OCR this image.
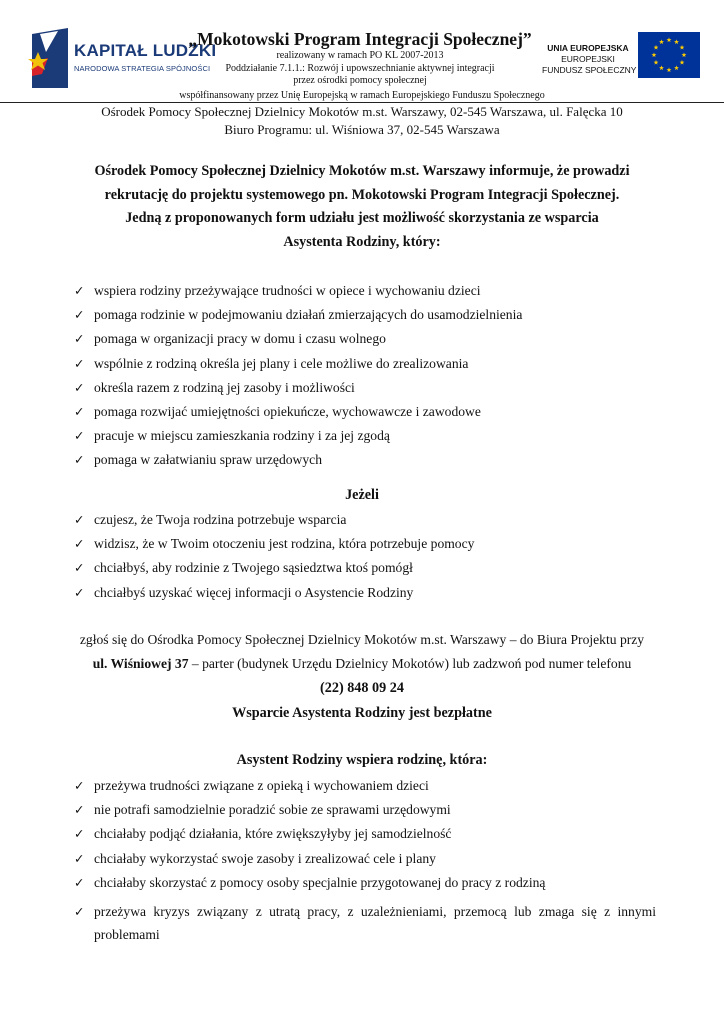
KAPITAŁ LUDZKI
NARODOWA STRATEGIA SPÓJNOŚCI
„Mokotowski Program Integracji Społecznej”
realizowany w ramach PO KL 2007-2013
Poddziałanie 7.1.1.: Rozwój i upowszechnianie aktywnej integracji
przez ośrodki pomocy społecznej
UNIA EUROPEJSKA
EUROPEJSKI
FUNDUSZ SPOŁECZNY
współfinansowany przez Unię Europejską w ramach Europejskiego Funduszu Społecznego
Ośrodek Pomocy Społecznej Dzielnicy Mokotów m.st. Warszawy, 02-545 Warszawa, ul. Falęcka 10
Biuro Programu: ul. Wiśniowa 37, 02-545 Warszawa
Ośrodek Pomocy Społecznej Dzielnicy Mokotów m.st. Warszawy informuje, że prowadzi
rekrutację do projektu systemowego pn. Mokotowski Program Integracji Społecznej.
Jedną z proponowanych form udziału jest możliwość skorzystania ze wsparcia
Asystenta Rodziny, który:
✓ wspiera rodziny przeżywające trudności w opiece i wychowaniu dzieci
✓ pomaga rodzinie w podejmowaniu działań zmierzających do usamodzielnienia
✓ pomaga w organizacji pracy w domu i czasu wolnego
✓ wspólnie z rodziną określa jej plany i cele możliwe do zrealizowania
✓ określa razem z rodziną jej zasoby i możliwości
✓ pomaga rozwijać umiejętności opiekuńcze, wychowawcze i zawodowe
✓ pracuje w miejscu zamieszkania rodziny i za jej zgodą
✓ pomaga w załatwianiu spraw urzędowych
Jeżeli
✓ czujesz, że Twoja rodzina potrzebuje wsparcia
✓ widzisz, że w Twoim otoczeniu jest rodzina, która potrzebuje pomocy
✓ chciałbyś, aby rodzinie z Twojego sąsiedztwa ktoś pomógł
✓ chciałbyś uzyskać więcej informacji o Asystencie Rodziny
zgłoś się do Ośrodka Pomocy Społecznej Dzielnicy Mokotów m.st. Warszawy – do Biura Projektu przy
ul. Wiśniowej 37 – parter (budynek Urzędu Dzielnicy Mokotów) lub zadzwoń pod numer telefonu
(22) 848 09 24
Wsparcie Asystenta Rodziny jest bezpłatne
Asystent Rodziny wspiera rodzinę, która:
✓ przeżywa trudności związane z opieką i wychowaniem dzieci
✓ nie potrafi samodzielnie poradzić sobie ze sprawami urzędowymi
✓ chciałaby podjąć działania, które zwiększyłyby jej samodzielność
✓ chciałaby wykorzystać swoje zasoby i zrealizować cele i plany
✓ chciałaby skorzystać z pomocy osoby specjalnie przygotowanej do pracy z rodziną
✓ przeżywa kryzys związany z utratą pracy, z uzależnieniami, przemocą lub zmaga się z innymi problemami
